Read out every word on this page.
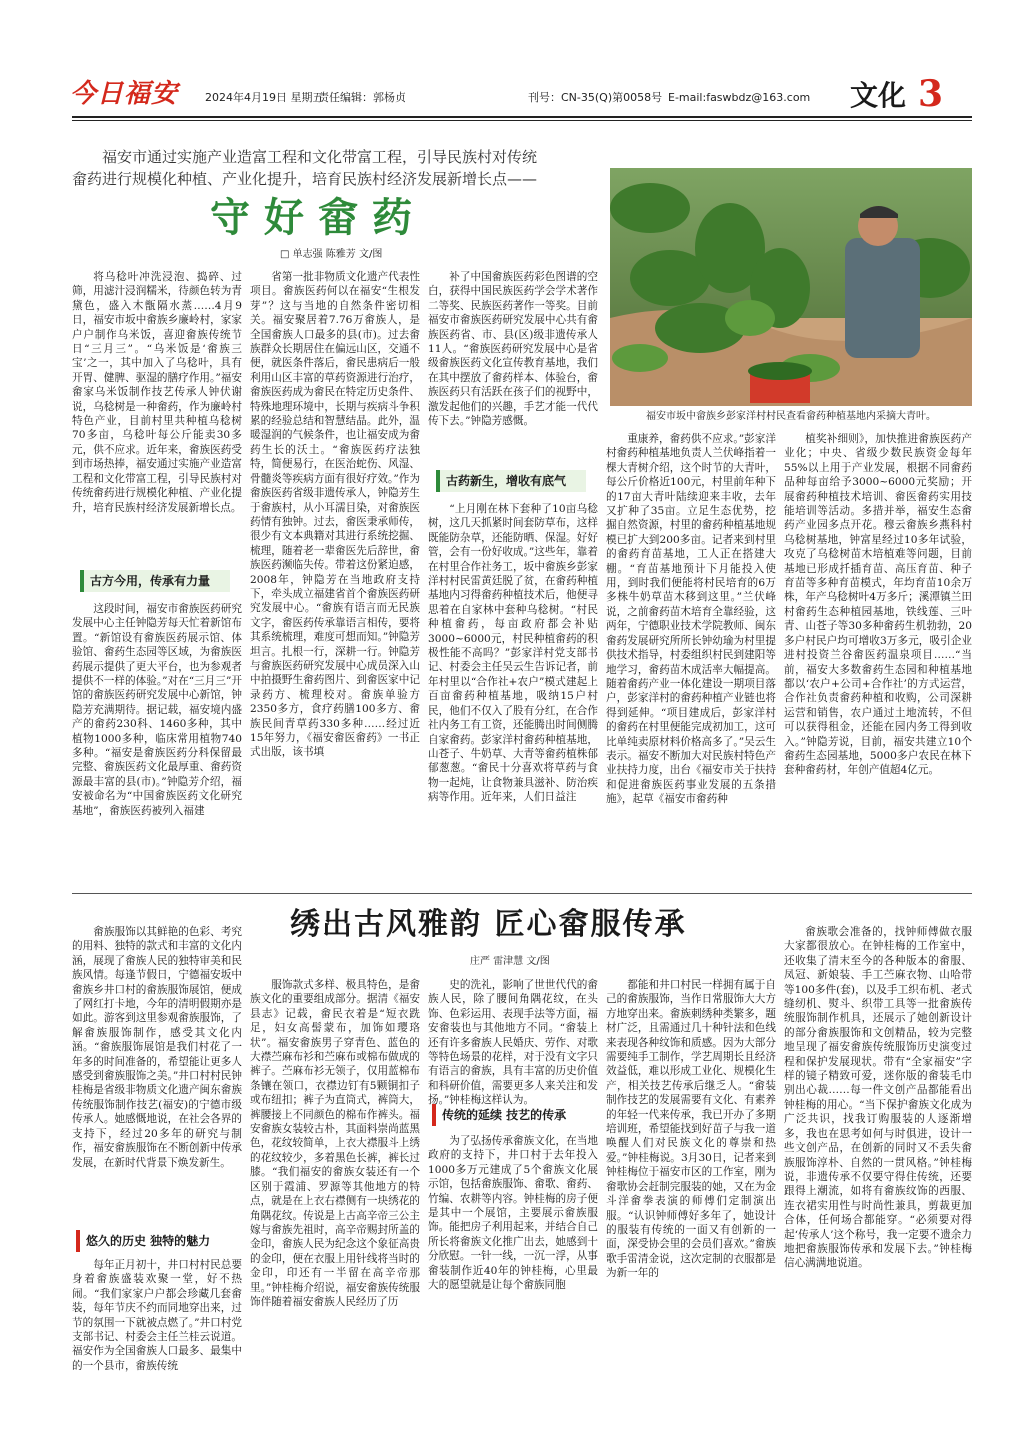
今日福安	2024年4月19日 星期五
责任编辑：郭杨贞	刊号：CN-35(Q)第0058号 E-mail:faswbdz@163.com 文化 3
福安市通过实施产业造富工程和文化带富工程，引导民族村对传统畲药进行规模化种植、产业化提升，培育民族村经济发展新增长点——
守好畲药
□ 单志强 陈雅芳 文/图
福安市坂中畲族乡彭家洋村村民查看畲药种植基地内采摘大青叶。

将乌稔叶冲洗浸泡、捣碎、过筛，用滤汁浸润糯米，待颜色转为青黛色，盛入木甑隔水蒸……4月9日，福安市坂中畲族乡廉岭村，家家户户制作乌米饭，喜迎畲族传统节日“三月三”。“乌米饭是‘畲族三宝’之一，其中加入了乌稔叶，具有开胃、健脾、驱湿的膳疗作用。”福安畲家乌米饭制作技艺传承人钟伏谢说，乌稔树是一种畲药，作为廉岭村特色产业，目前村里共种植乌稔树70多亩，乌稔叶每公斤能卖30多元，供不应求。近年来，畲族医药受到市场热捧，福安通过实施产业造富工程和文化带富工程，引导民族村对传统畲药进行规模化种植、产业化提升，培育民族村经济发展新增长点。

古方今用，传承有力量

这段时间，福安市畲族医药研究发展中心主任钟隐芳每天忙着新馆布置。“新馆设有畲族医药展示馆、体验馆、畲药生态园等区域，为畲族医药展示提供了更大平台，也为参观者提供不一样的体验。”对在“三月三”开馆的畲族医药研究发展中心新馆，钟隐芳充满期待。据记载，福安境内盛产的畲药230科、1460多种，其中植物1000多种，临床常用植物740多种。“福安是畲族医药分科保留最完整、畲族医药文化最厚重、畲药资源最丰富的县(市)。”钟隐芳介绍，福安被命名为“中国畲族医药文化研究基地”，畲族医药被列入福建

省第一批非物质文化遗产代表性项目。畲族医药何以在福安“生根发芽”？这与当地的自然条件密切相关。福安聚居着7.76万畲族人，是全国畲族人口最多的县(市)。过去畲族群众长期居住在偏远山区，交通不便，就医条件落后，畲民患病后一般利用山区丰富的草药资源进行治疗，畲族医药成为畲民在特定历史条件、特殊地理环境中，长期与疾病斗争积累的经验总结和智慧结晶。此外，温暖湿润的气候条件，也让福安成为畲药生长的沃土。“畲族医药疗法独特，简便易行，在医治蛇伤、风湿、骨髓炎等疾病方面有很好疗效。”作为畲族医药省级非遗传承人，钟隐芳生于畲族村，从小耳濡目染，对畲族医药情有独钟。过去，畲医秉承师传，很少有文本典籍对其进行系统挖掘、梳理，随着老一辈畲医先后辞世，畲族医药濒临失传。带着这份紧迫感，2008年，钟隐芳在当地政府支持下，牵头成立福建省首个畲族医药研究发展中心。“畲族有语言而无民族文字，畲医药传承靠语言相传，要将其系统梳理，难度可想而知。”钟隐芳坦言。扎根一行，深耕一行。钟隐芳与畲族医药研究发展中心成员深入山中拍摄野生畲药图片、到畲医家中记录药方、梳理校对。畲族单验方2350多方，食疗药膳100多方、畲族民间青草药330多种……经过近15年努力，《福安畲医畲药》一书正式出版，该书填

补了中国畲族医药彩色图谱的空白，获得中国民族医药学会学术著作二等奖、民族医药著作一等奖。目前福安市畲族医药研究发展中心共有畲族医药省、市、县(区)级非遗传承人11人。“畲族医药研究发展中心是省级畲族医药文化宣传教育基地，我们在其中摆放了畲药样本、体验台，畲族医药只有活跃在孩子们的视野中，激发起他们的兴趣，手艺才能一代代传下去。”钟隐芳感慨。

古药新生，增收有底气

“上月刚在林下套种了10亩乌稔树，这几天抓紧时间套防草布，这样既能防杂草，还能防晒、保湿。好好管，会有一份好收成。”这些年，靠着在村里合作社务工，坂中畲族乡彭家洋村村民雷黄廷脱了贫，在畲药种植基地内习得畲药种植技术后，他便寻思着在自家林中套种乌稔树。“村民种植畲药，每亩政府都会补贴3000~6000元，村民种植畲药的积极性能不高吗？”彭家洋村党支部书记、村委会主任吴云生告诉记者，前年村里以“合作社+农户”模式建起上百亩畲药种植基地，吸纳15户村民，他们不仅入了股有分红，在合作社内务工有工资，还能腾出时间侧腾自家畲药。彭家洋村畲药种植基地，山苍子、牛奶草、大青等畲药植株郁郁葱葱。“畲民十分喜欢将草药与食物一起炖，让食物兼具滋补、防治疾病等作用。近年来，人们日益注

重康养，畲药供不应求。”彭家洋村畲药种植基地负责人兰伏峰指着一棵大青树介绍，这个时节的大青叶，每公斤价格近100元，村里前年种下的17亩大青叶陆续迎来丰收，去年又扩种了35亩。立足生态优势，挖掘自然资源，村里的畲药种植基地规模已扩大到200多亩。记者来到村里的畲药育苗基地，工人正在搭建大棚。“育苗基地预计下月能投入使用，到时我们便能将村民培育的6万多株牛奶草苗木移到这里。”兰伏峰说，之前畲药苗木培育全靠经验，这两年，宁德职业技术学院教师、闽东畲药发展研究所所长钟幼瑜为村里提供技术指导，村委组织村民到建阳等地学习，畲药苗木成活率大幅提高。随着畲药产业一体化建设一期项目落户，彭家洋村的畲药种植产业链也将得到延伸。“项目建成后，彭家洋村的畲药在村里便能完成初加工，这可比单纯卖原材料价格高多了。”吴云生表示。福安不断加大对民族村特色产业扶持力度，出台《福安市关于扶持和促进畲族医药事业发展的五条措施》，起草《福安市畲药种

植奖补细则》，加快推进畲族医药产业化；中央、省级少数民族资金每年55%以上用于产业发展，根据不同畲药品种每亩给予3000~6000元奖励；开展畲药种植技术培训、畲医畲药实用技能培训等活动。多措并举，福安生态畲药产业园多点开花。穆云畲族乡燕科村乌稔树基地，钟富星经过10多年试验，攻克了乌稔树苗木培植难等问题，目前基地已形成扦插育苗、高压育苗、种子育苗等多种育苗模式，年均育苗10余万株，年产乌稔树叶4万多斤；溪潭镇兰田村畲药生态种植园基地，铁线莲、三叶青、山苍子等30多种畲药生机勃勃，20多户村民户均可增收3万多元，吸引企业进村投资兰谷畲医药温泉项目……“当前，福安大多数畲药生态园和种植基地都以‘农户+公司+合作社’的方式运营，合作社负责畲药种植和收购，公司深耕运营和销售，农户通过土地流转，不但可以获得租金，还能在园内务工得到收入。”钟隐芳说，目前，福安共建立10个畲药生态园基地，5000多户农民在林下套种畲药材，年创产值超4亿元。

绣出古风雅韵 匠心畲服传承
庄严 雷津慧 文/图

畲族服饰以其鲜艳的色彩、考究的用料、独特的款式和丰富的文化内涵，展现了畲族人民的独特审美和民族风情。每逢节假日，宁德福安坂中畲族乡井口村的畲族服饰展馆，便成了网红打卡地，今年的清明假期亦是如此。游客到这里参观畲族服饰，了解畲族服饰制作，感受其文化内涵。“畲族服饰展馆是我们村花了一年多的时间准备的，希望能让更多人感受到畲族服饰之美。”井口村村民钟桂梅是省级非物质文化遗产闽东畲族传统服饰制作技艺(福安)的宁德市级传承人。她感慨地说，在社会各界的支持下，经过20多年的研究与制作，福安畲族服饰在不断创新中传承发展，在新时代背景下焕发新生。

悠久的历史 独特的魅力

每年正月初十，井口村村民总要身着畲族盛装欢聚一堂，好不热闹。“我们家家户户都会珍藏几套畲装，每年节庆不约而同地穿出来，过节的氛围一下就被点燃了。”井口村党支部书记、村委会主任兰桂云说道。福安作为全国畲族人口最多、最集中的一个县市，畲族传统

服饰款式多样、极具特色，是畲族文化的重要组成部分。据清《福安县志》记载，畲民衣着是“短衣跣足，妇女高髻蒙布，加饰如璎珞状”。福安畲族男子穿青色、蓝色的大襟苎麻布衫和苎麻布或棉布做成的裤子。苎麻布衫无领子，仅用蓝棉布条镶在领口，衣襟边钉有5颗铜扣子或布纽扣；裤子为直筒式，裤筒大，裤腰接上不同颜色的棉布作裤头。福安畲族女装较古朴，其面料崇尚蓝黑色，花纹较简单，上衣大襟服斗上绣的花纹较少，多着黑色长裤，裤长过膝。“我们福安的畲族女装还有一个区别于霞浦、罗源等其他地方的特点，就是在上衣右襟侧有一块绣花的角隅花纹。传说是上古高辛帝三公主嫁与畲族先祖时，高辛帝赐封所盖的金印，畲族人民为纪念这个象征高贵的金印，便在衣服上用针线将当时的金印，印还有一半留在高辛帝那里。”钟桂梅介绍说，福安畲族传统服饰伴随着福安畲族人民经历了历

史的洗礼，影响了世世代代的畲族人民，除了腰间角隅花纹，在头饰、色彩运用、表现手法等方面，福安畲装也与其他地方不同。“畲装上还有许多畲族人民婚庆、劳作、对歌等特色场景的花样，对于没有文字只有语言的畲族，具有丰富的历史价值和科研价值，需要更多人来关注和发扬。”钟桂梅这样认为。

传统的延续 技艺的传承

为了弘扬传承畲族文化，在当地政府的支持下，井口村于去年投入1000多万元建成了5个畲族文化展示馆，包括畲族服饰、畲歌、畲药、竹编、农耕等内容。钟桂梅的房子便是其中一个展馆，主要展示畲族服饰。能把房子利用起来，并结合自己所长将畲族文化推广出去，她感到十分欣慰。一针一线，一沉一浮，从事畲装制作近40年的钟桂梅，心里最大的愿望就是让每个畲族同胞

都能和井口村民一样拥有属于自己的畲族服饰，当作日常服饰大大方方地穿出来。畲族刺绣种类繁多，题材广泛，且需通过几十种针法和色线来表现各种纹饰和质感。因为大部分需要纯手工制作，学艺周期长且经济效益低，难以形成工业化、规模化生产，相关技艺传承后继乏人。“畲装制作技艺的发展需要有文化、有素养的年轻一代来传承，我已开办了多期培训班，希望能找到好苗子与我一道唤醒人们对民族文化的尊崇和热爱。”钟桂梅说。3月30日，记者来到钟桂梅位于福安市区的工作室，刚为畲歌协会赶制完服装的她，又在为金斗洋畲拳表演的师傅们定制演出服。“认识钟师傅好多年了，她设计的服装有传统的一面又有创新的一面，深受协会里的会员们喜欢。”畲族歌手雷清金说，这次定制的衣服都是为新一年的

畲族歌会准备的，找钟师傅做衣服大家都很放心。在钟桂梅的工作室中，还收集了清末至今的各种版本的畲服、凤冠、新娘装、手工苎麻衣物、山哈带等100多件(套)，以及手工织布机、老式缝纫机、熨斗、织带工具等一批畲族传统服饰制作机具，还展示了她创新设计的部分畲族服饰和文创精品，较为完整地呈现了福安畲族传统服饰历史演变过程和保护发展现状。带有“全家福安”字样的镜子精致可爱，迷你版的畲装毛巾别出心裁……每一件文创产品都能看出钟桂梅的用心。“当下保护畲族文化成为广泛共识，找我订购服装的人逐渐增多，我也在思考如何与时俱进，设计一些文创产品，在创新的同时又不丢失畲族服饰淳朴、自然的一贯风格。”钟桂梅说，非遗传承不仅要守得住传统，还要跟得上潮流，如将有畲族纹饰的西服、连衣裙实用性与时尚性兼具，剪裁更加合体，任何场合都能穿。“必须要对得起‘传承人’这个称号，我一定要不遗余力地把畲族服饰传承和发展下去。”钟桂梅信心满满地说道。
